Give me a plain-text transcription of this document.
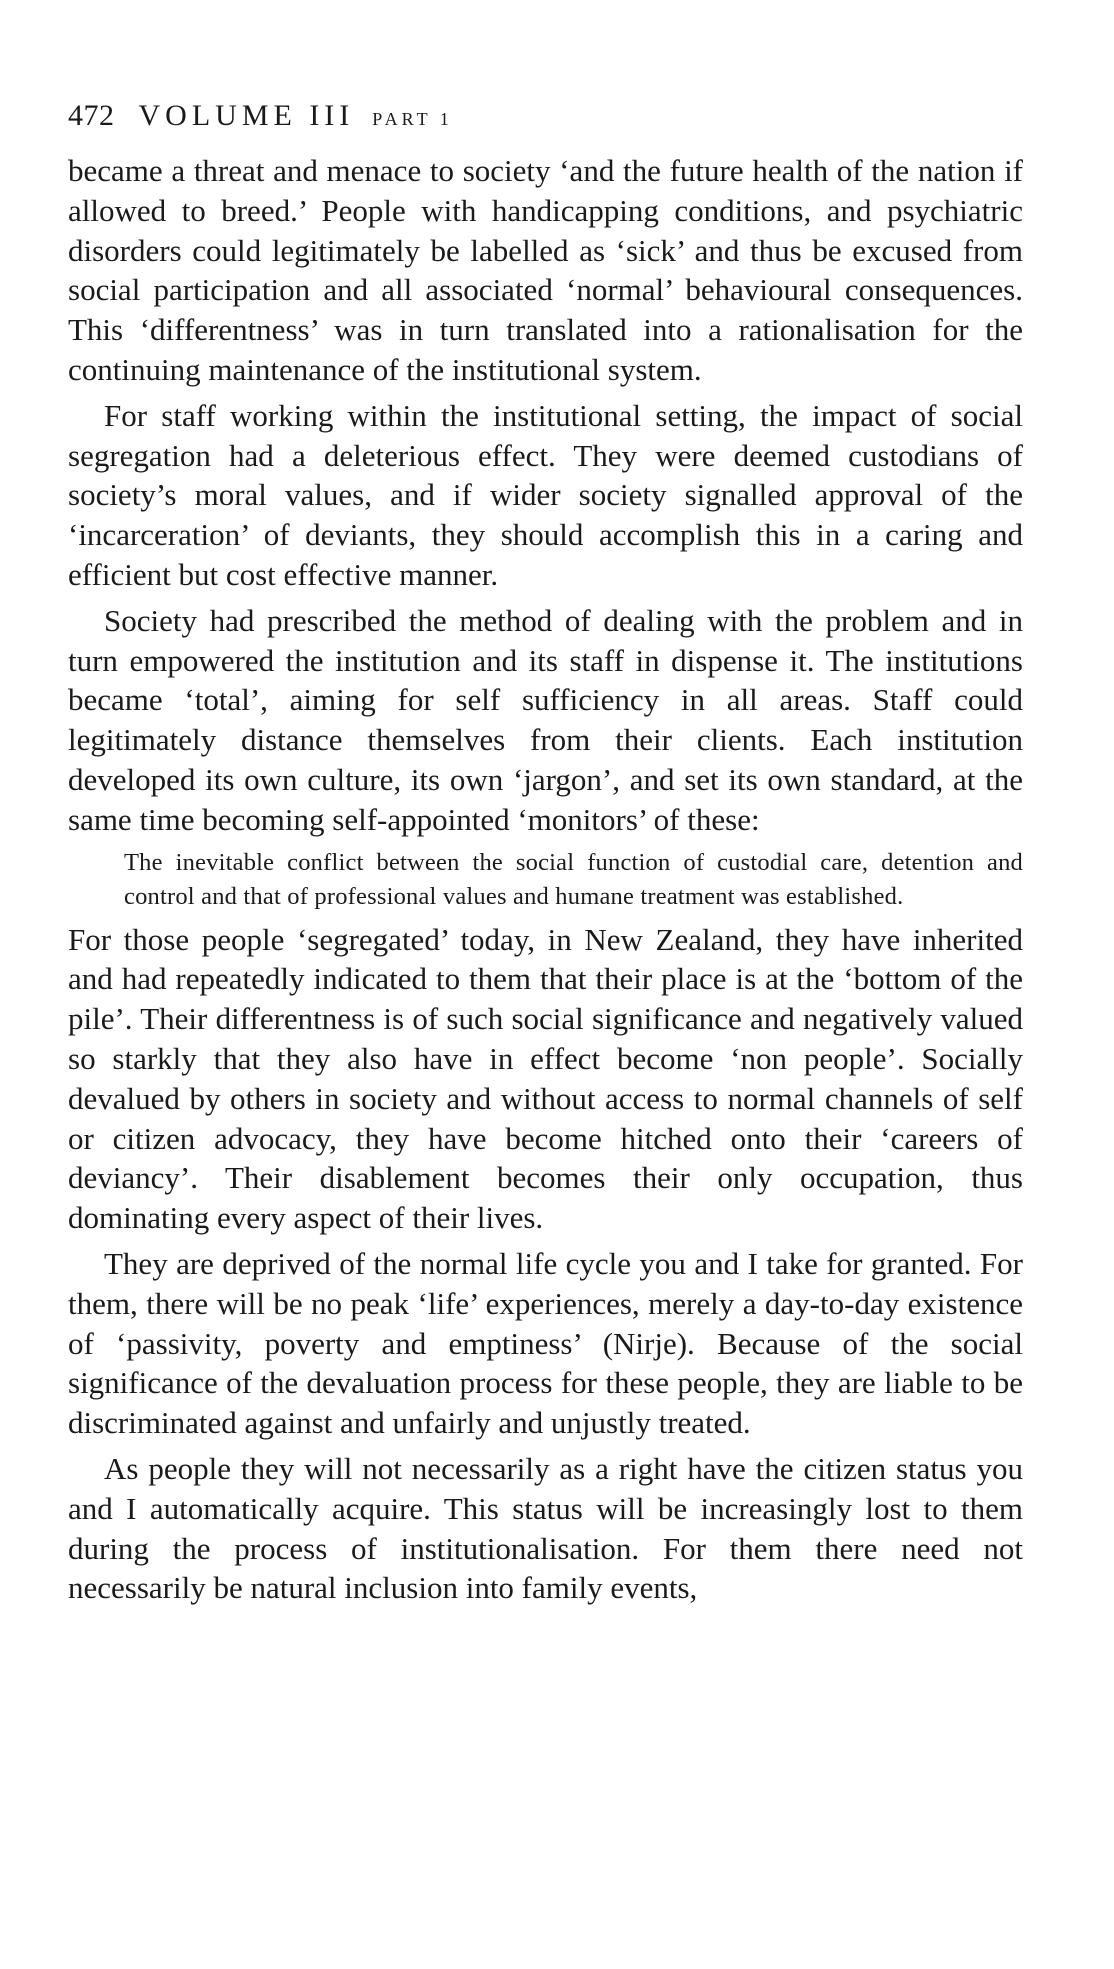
472 VOLUME III PART 1

became a threat and menace to society ‘and the future health of the nation if allowed to breed.’ People with handicapping conditions, and psychiatric disorders could legitimately be labelled as ‘sick’ and thus be excused from social participation and all associated ‘normal’ behavioural consequences. This ‘differentness’ was in turn translated into a rationalisation for the continuing maintenance of the institutional system.

For staff working within the institutional setting, the impact of social segregation had a deleterious effect. They were deemed custodians of society’s moral values, and if wider society signalled approval of the ‘incarceration’ of deviants, they should accomplish this in a caring and efficient but cost effective manner.

Society had prescribed the method of dealing with the problem and in turn empowered the institution and its staff in dispense it. The institutions became ‘total’, aiming for self sufficiency in all areas. Staff could legitimately distance themselves from their clients. Each institution developed its own culture, its own ‘jargon’, and set its own standard, at the same time becoming self-appointed ‘monitors’ of these:

The inevitable conflict between the social function of custodial care, detention and control and that of professional values and humane treatment was established.

For those people ‘segregated’ today, in New Zealand, they have inherited and had repeatedly indicated to them that their place is at the ‘bottom of the pile’. Their differentness is of such social significance and negatively valued so starkly that they also have in effect become ‘non people’. Socially devalued by others in society and without access to normal channels of self or citizen advocacy, they have become hitched onto their ‘careers of deviancy’. Their disablement becomes their only occupation, thus dominating every aspect of their lives.

They are deprived of the normal life cycle you and I take for granted. For them, there will be no peak ‘life’ experiences, merely a day-to-day existence of ‘passivity, poverty and emptiness’ (Nirje). Because of the social significance of the devaluation process for these people, they are liable to be discriminated against and unfairly and unjustly treated.

As people they will not necessarily as a right have the citizen status you and I automatically acquire. This status will be increasingly lost to them during the process of institutionalisation. For them there need not necessarily be natural inclusion into family events,
